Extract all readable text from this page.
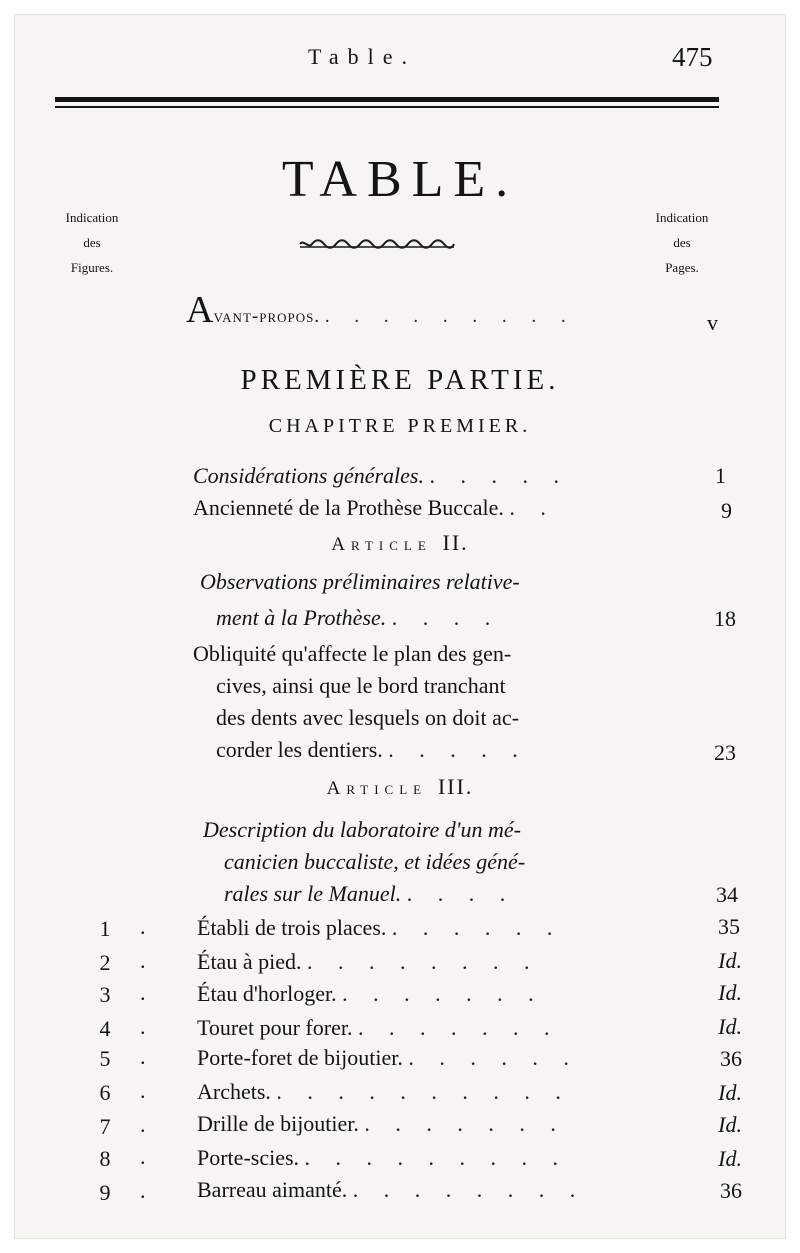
Table.	475
TABLE.
Indication
des
Figures.
Indication
des
Pages.
Avant-propos. . . . . . . . . .	v
PREMIÈRE PARTIE.
CHAPITRE PREMIER.
Considérations générales. . . . . .	1
Ancienneté de la Prothèse Buccale. . .	9
Article II.
Observations préliminaires relative-
ment à la Prothèse. . . . .	18
Obliquité qu'affecte le plan des gen-
cives, ainsi que le bord tranchant
des dents avec lesquels on doit ac-
corder les dentiers. . . . . .	23
Article III.
Description du laboratoire d'un mé-
canicien buccaliste, et idées géné-
rales sur le Manuel. . . . .	34
1	. Établi de trois places. . . . . . .	35
2	. Étau à pied. . . . . . . . .	Id.
3	. Étau d'horloger. . . . . . . .	Id.
4	. Touret pour forer. . . . . . . .	Id.
5	. Porte-foret de bijoutier. . . . . . .	36
6	. Archets. . . . . . . . . . .	Id.
7	. Drille de bijoutier. . . . . . . .	Id.
8	. Porte-scies. . . . . . . . . .	Id.
9	. Barreau aimanté. . . . . . . . .	36
